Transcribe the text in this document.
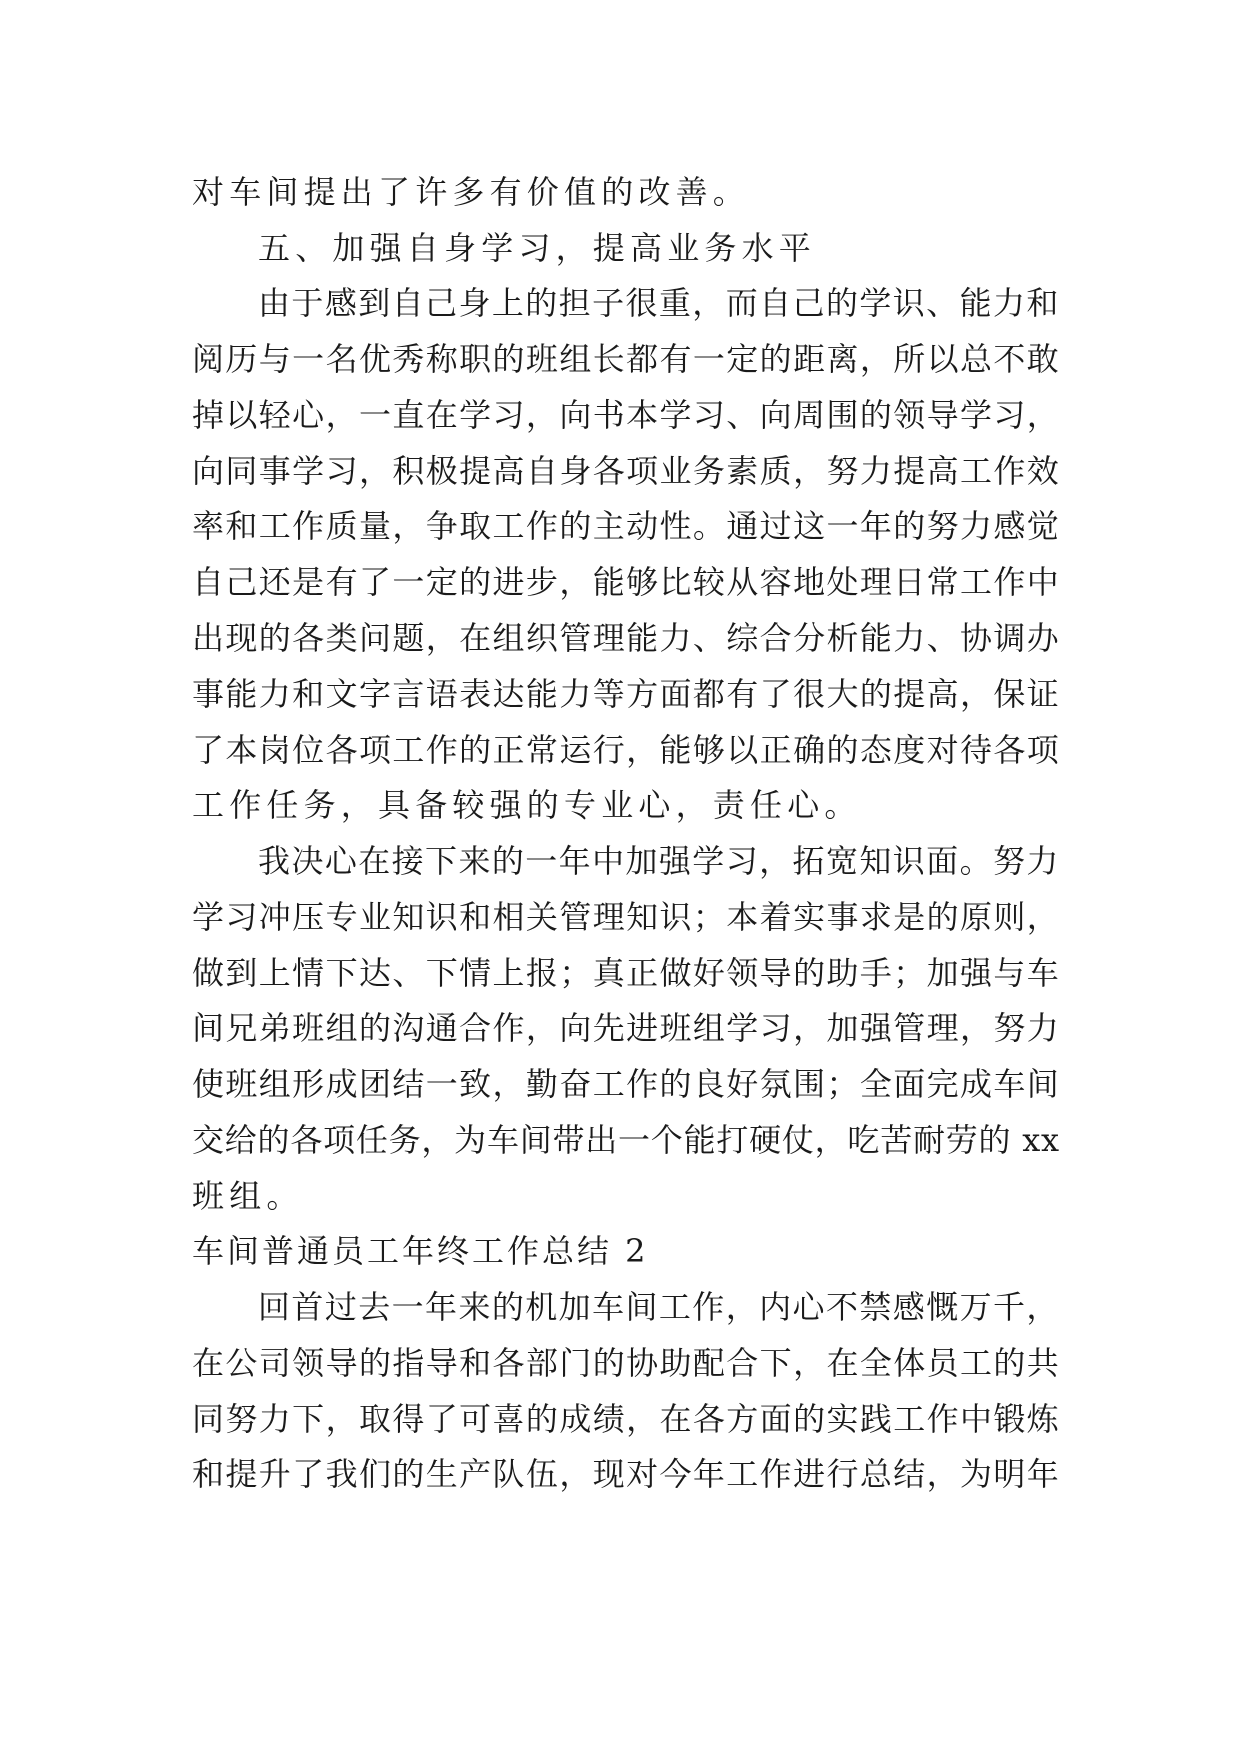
对车间提出了许多有价值的改善。
五、加强自身学习，提高业务水平
由于感到自己身上的担子很重，而自己的学识、能力和
阅历与一名优秀称职的班组长都有一定的距离，所以总不敢
掉以轻心，一直在学习，向书本学习、向周围的领导学习，
向同事学习，积极提高自身各项业务素质，努力提高工作效
率和工作质量，争取工作的主动性。通过这一年的努力感觉
自己还是有了一定的进步，能够比较从容地处理日常工作中
出现的各类问题，在组织管理能力、综合分析能力、协调办
事能力和文字言语表达能力等方面都有了很大的提高，保证
了本岗位各项工作的正常运行，能够以正确的态度对待各项
工作任务，具备较强的专业心，责任心。
我决心在接下来的一年中加强学习，拓宽知识面。努力
学习冲压专业知识和相关管理知识；本着实事求是的原则，
做到上情下达、下情上报；真正做好领导的助手；加强与车
间兄弟班组的沟通合作，向先进班组学习，加强管理，努力
使班组形成团结一致，勤奋工作的良好氛围；全面完成车间
交给的各项任务，为车间带出一个能打硬仗，吃苦耐劳的 xx
班组。
车间普通员工年终工作总结 2
回首过去一年来的机加车间工作，内心不禁感慨万千，
在公司领导的指导和各部门的协助配合下，在全体员工的共
同努力下，取得了可喜的成绩，在各方面的实践工作中锻炼
和提升了我们的生产队伍，现对今年工作进行总结，为明年
